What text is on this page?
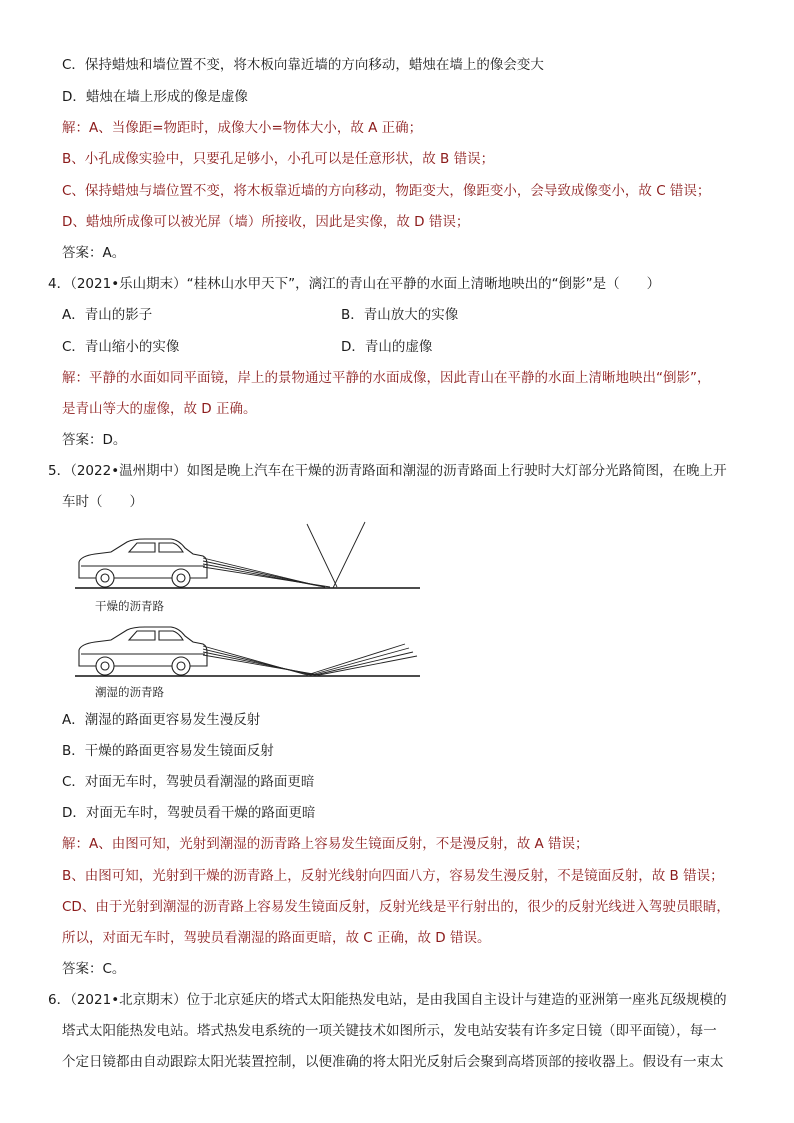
C．保持蜡烛和墙位置不变，将木板向靠近墙的方向移动，蜡烛在墙上的像会变大
D．蜡烛在墙上形成的像是虚像
解：A、当像距=物距时，成像大小=物体大小，故 A 正确；
B、小孔成像实验中，只要孔足够小，小孔可以是任意形状，故 B 错误；
C、保持蜡烛与墙位置不变，将木板靠近墙的方向移动，物距变大，像距变小，会导致成像变小，故 C 错误；
D、蜡烛所成像可以被光屏（墙）所接收，因此是实像，故 D 错误；
答案：A。
4．（2021•乐山期末）“桂林山水甲天下”，漓江的青山在平静的水面上清晰地映出的“倒影”是（　　）
A．青山的影子	B．青山放大的实像
C．青山缩小的实像	D．青山的虚像
解：平静的水面如同平面镜，岸上的景物通过平静的水面成像，因此青山在平静的水面上清晰地映出“倒影”，
是青山等大的虚像，故 D 正确。
答案：D。
5．（2022•温州期中）如图是晚上汽车在干燥的沥青路面和潮湿的沥青路面上行驶时大灯部分光路简图，在晚上开
车时（　　）
干燥的沥青路
潮湿的沥青路
A．潮湿的路面更容易发生漫反射
B．干燥的路面更容易发生镜面反射
C．对面无车时，驾驶员看潮湿的路面更暗
D．对面无车时，驾驶员看干燥的路面更暗
解：A、由图可知，光射到潮湿的沥青路上容易发生镜面反射，不是漫反射，故 A 错误；
B、由图可知，光射到干燥的沥青路上，反射光线射向四面八方，容易发生漫反射，不是镜面反射，故 B 错误；
CD、由于光射到潮湿的沥青路上容易发生镜面反射，反射光线是平行射出的，很少的反射光线进入驾驶员眼睛，
所以，对面无车时，驾驶员看潮湿的路面更暗，故 C 正确，故 D 错误。
答案：C。
6．（2021•北京期末）位于北京延庆的塔式太阳能热发电站，是由我国自主设计与建造的亚洲第一座兆瓦级规模的
塔式太阳能热发电站。塔式热发电系统的一项关键技术如图所示，发电站安装有许多定日镜（即平面镜），每一
个定日镜都由自动跟踪太阳光装置控制，以便准确的将太阳光反射后会聚到高塔顶部的接收器上。假设有一束太
